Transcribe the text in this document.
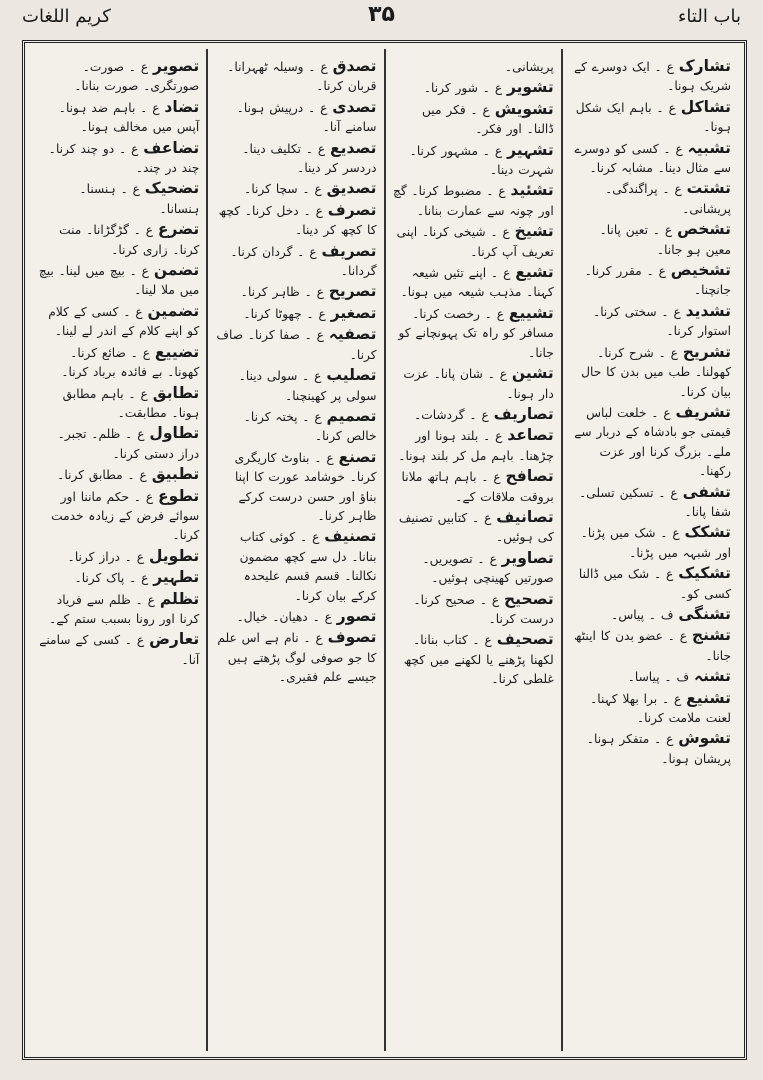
باب التاء
۳۵
کریم اللغات
تشارک ع ۔ ایک دوسرے کے شریک ہونا۔
تشاکل ع ۔ باہم ایک شکل ہونا۔
تشبیہ ع ۔ کسی کو دوسرے سے مثال دینا۔ مشابہ کرنا۔
تشتت ع ۔ پراگندگی۔ پریشانی۔
تشخص ع ۔ تعین پانا۔ معین ہو جانا۔
تشخیص ع ۔ مقرر کرنا۔ جانچنا۔
تشدید ع ۔ سختی کرنا۔ استوار کرنا۔
تشریح ع ۔ شرح کرنا۔ کھولنا۔ طب میں بدن کا حال بیان کرنا۔
تشریف ع ۔ خلعت لباس قیمتی جو بادشاہ کے دربار سے ملے۔ بزرگ کرنا اور عزت رکھنا۔
تشفی ع ۔ تسکین تسلی۔ شفا پانا۔
تشکک ع ۔ شک میں پڑنا۔ اور شبہہ میں پڑنا۔
تشکیک ع ۔ شک میں ڈالنا کسی کو۔
تشنگی ف ۔ پیاس۔
تشنج ع ۔ عضو بدن کا اینٹھ جانا۔
تشنہ ف ۔ پیاسا۔
تشنیع ع ۔ برا بھلا کہنا۔ لعنت ملامت کرنا۔
تشوش ع ۔ متفکر ہونا۔ پریشان ہونا۔
پریشانی۔
تشویر ع ۔ شور کرنا۔
تشویش ع ۔ فکر میں ڈالنا۔ اور فکر۔
تشہیر ع ۔ مشہور کرنا۔ شہرت دینا۔
تشئید ع ۔ مضبوط کرنا۔ گچ اور چونہ سے عمارت بنانا۔
تشیخ ع ۔ شیخی کرنا۔ اپنی تعریف آپ کرنا۔
تشیع ع ۔ اپنے تئیں شیعہ کہنا۔ مذہب شیعہ میں ہونا۔
تشییع ع ۔ رخصت کرنا۔ مسافر کو راہ تک پہونچانے کو جانا۔
تشین ع ۔ شان پانا۔ عزت دار ہونا۔
تصاریف ع ۔ گردشات۔
تصاعد ع ۔ بلند ہونا اور چڑھنا۔ باہم مل کر بلند ہونا۔
تصافح ع ۔ باہم ہاتھ ملانا بروقت ملاقات کے۔
تصانیف ع ۔ کتابیں تصنیف کی ہوئیں۔
تصاویر ع ۔ تصویریں۔ صورتیں کھینچی ہوئیں۔
تصحیح ع ۔ صحیح کرنا۔ درست کرنا۔
تصحیف ع ۔ کتاب بنانا۔ لکھنا پڑھنے یا لکھنے میں کچھ غلطی کرنا۔
تصدق ع ۔ وسیلہ ٹھہرانا۔ قربان کرنا۔
تصدی ع ۔ درپیش ہونا۔ سامنے آنا۔
تصدیع ع ۔ تکلیف دینا۔ دردسر کر دینا۔
تصدیق ع ۔ سچا کرنا۔
تصرف ع ۔ دخل کرنا۔ کچھ کا کچھ کر دینا۔
تصریف ع ۔ گردان کرنا۔ گردانا۔
تصریح ع ۔ ظاہر کرنا۔
تصغیر ع ۔ چھوٹا کرنا۔
تصفیہ ع ۔ صفا کرنا۔ صاف کرنا۔
تصلیب ع ۔ سولی دینا۔ سولی پر کھینچنا۔
تصمیم ع ۔ پختہ کرنا۔ خالص کرنا۔
تصنع ع ۔ بناوٹ کاریگری کرنا۔ خوشامد عورت کا اپنا بناؤ اور حسن درست کرکے ظاہر کرنا۔
تصنیف ع ۔ کوئی کتاب بنانا۔ دل سے کچھ مضمون نکالنا۔ قسم قسم علیحدہ کرکے بیان کرنا۔
تصور ع ۔ دھیان۔ خیال۔
تصوف ع ۔ نام ہے اس علم کا جو صوفی لوگ پڑھتے ہیں جیسے علم فقیری۔
تصویر ع ۔ صورت۔ صورتگری۔ صورت بنانا۔
تضاد ع ۔ باہم ضد ہونا۔ آپس میں مخالف ہونا۔
تضاعف ع ۔ دو چند کرنا۔ چند در چند۔
تضحیک ع ۔ ہنسنا۔ ہنسانا۔
تضرع ع ۔ گڑگڑانا۔ منت کرنا۔ زاری کرنا۔
تضمن ع ۔ بیچ میں لینا۔ بیچ میں ملا لینا۔
تضمین ع ۔ کسی کے کلام کو اپنے کلام کے اندر لے لینا۔
تضییع ع ۔ ضائع کرنا۔ کھونا۔ بے فائدہ برباد کرنا۔
تطابق ع ۔ باہم مطابق ہونا۔ مطابقت۔
تطاول ع ۔ ظلم۔ تجبر۔ دراز دستی کرنا۔
تطبیق ع ۔ مطابق کرنا۔
تطوع ع ۔ حکم ماننا اور سوائے فرض کے زیادہ خدمت کرنا۔
تطویل ع ۔ دراز کرنا۔
تطہیر ع ۔ پاک کرنا۔
تظلم ع ۔ ظلم سے فریاد کرنا اور رونا بسبب ستم کے۔
تعارض ع ۔ کسی کے سامنے آنا۔
